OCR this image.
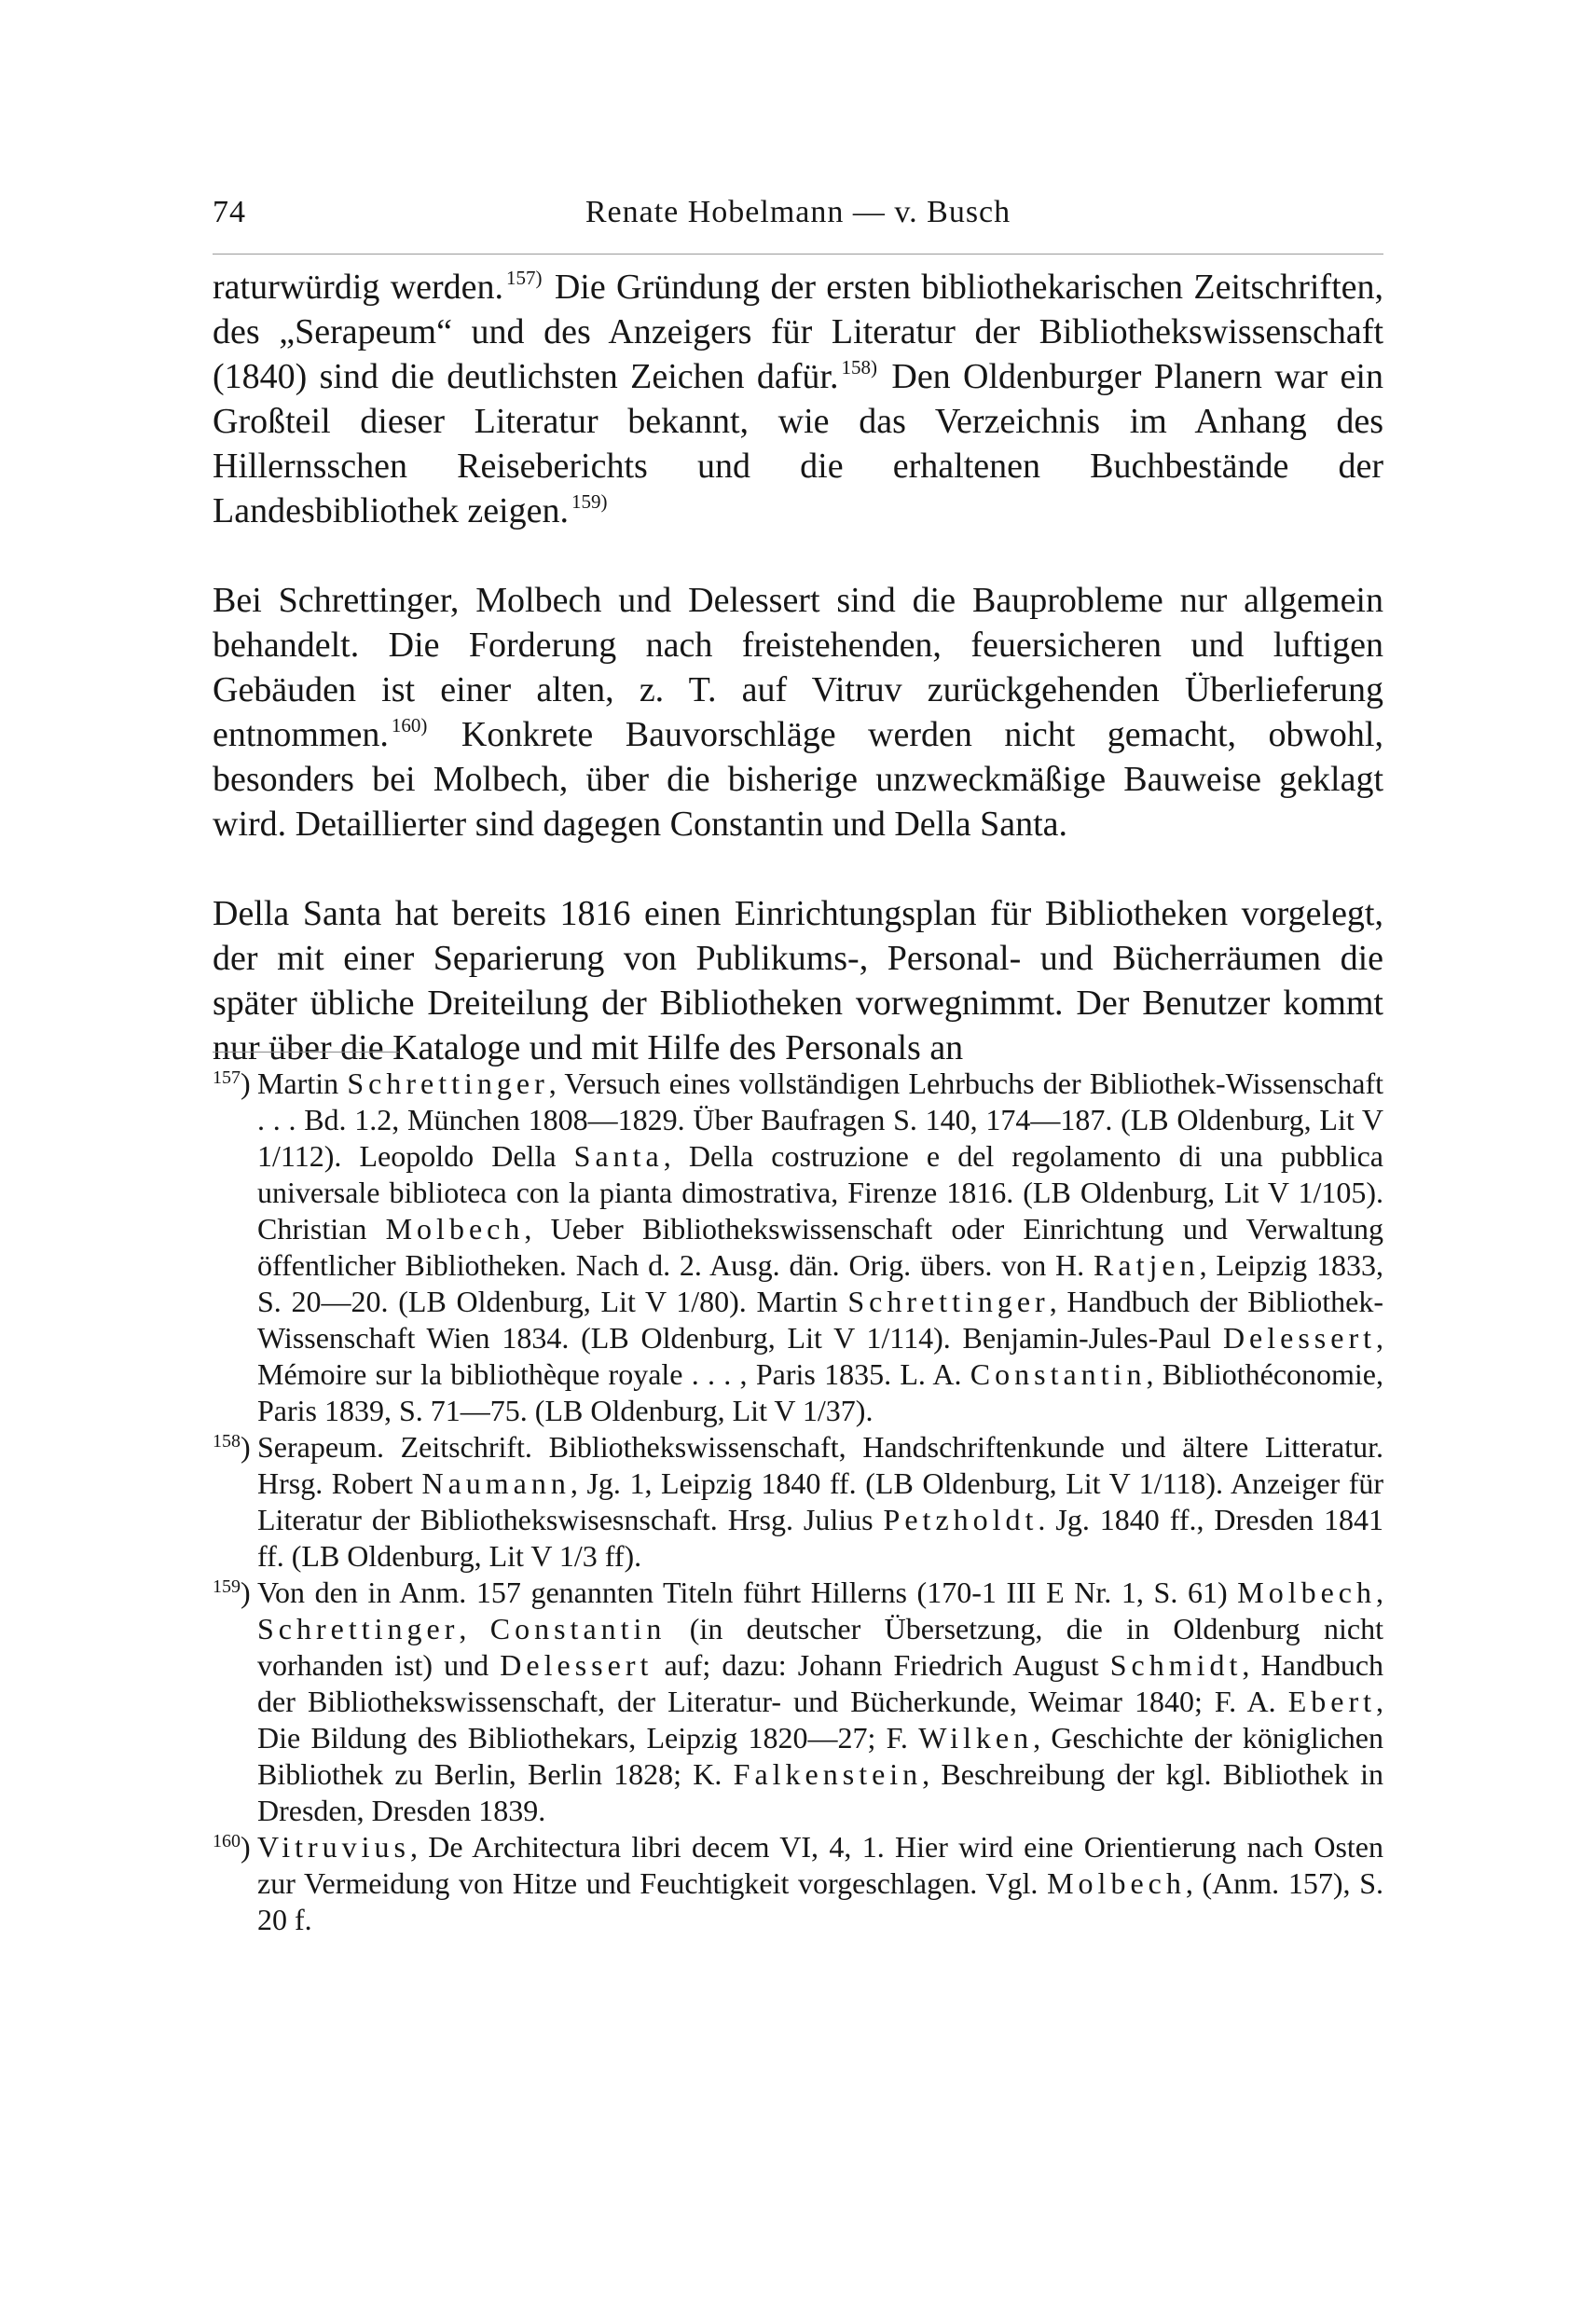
74	Renate Hobelmann — v. Busch

raturwürdig werden. $^{157)}$ Die Gründung der ersten bibliothekarischen Zeitschriften, des „Serapeum“ und des Anzeigers für Literatur der Bibliothekswissenschaft (1840) sind die deutlichsten Zeichen dafür. $^{158)}$ Den Oldenburger Planern war ein Großteil dieser Literatur bekannt, wie das Verzeichnis im Anhang des Hillernsschen Reiseberichts und die erhaltenen Buchbestände der Landesbibliothek zeigen. $^{159)}$

Bei Schrettinger, Molbech und Delessert sind die Bauprobleme nur allgemein behandelt. Die Forderung nach freistehenden, feuersicheren und luftigen Gebäuden ist einer alten, z. T. auf Vitruv zurückgehenden Überlieferung entnommen. $^{160)}$ Konkrete Bauvorschläge werden nicht gemacht, obwohl, besonders bei Molbech, über die bisherige unzweckmäßige Bauweise geklagt wird. Detaillierter sind dagegen Constantin und Della Santa.

Della Santa hat bereits 1816 einen Einrichtungsplan für Bibliotheken vorgelegt, der mit einer Separierung von Publikums-, Personal- und Bücherräumen die später übliche Dreiteilung der Bibliotheken vorwegnimmt. Der Benutzer kommt nur über die Kataloge und mit Hilfe des Personals an

$^{157}$) Martin Schrettinger, Versuch eines vollständigen Lehrbuchs der Bibliothek-Wissenschaft . . . Bd. 1.2, München 1808—1829. Über Baufragen S. 140, 174—187. (LB Oldenburg, Lit V 1/112). Leopoldo Della Santa, Della costruzione e del regolamento di una pubblica universale biblioteca con la pianta dimostrativa, Firenze 1816. (LB Oldenburg, Lit V 1/105). Christian Molbech, Ueber Bibliothekswissenschaft oder Einrichtung und Verwaltung öffentlicher Bibliotheken. Nach d. 2. Ausg. dän. Orig. übers. von H. Ratjen, Leipzig 1833, S. 20—20. (LB Oldenburg, Lit V 1/80). Martin Schrettinger, Handbuch der Bibliothek-Wissenschaft Wien 1834. (LB Oldenburg, Lit V 1/114). Benjamin-Jules-Paul Delessert, Mémoire sur la bibliothèque royale . . . , Paris 1835. L. A. Constantin, Bibliothéconomie, Paris 1839, S. 71—75. (LB Oldenburg, Lit V 1/37).

$^{158}$) Serapeum. Zeitschrift. Bibliothekswissenschaft, Handschriftenkunde und ältere Litteratur. Hrsg. Robert Naumann, Jg. 1, Leipzig 1840 ff. (LB Oldenburg, Lit V 1/118). Anzeiger für Literatur der Bibliothekswisesnschaft. Hrsg. Julius Petzholdt. Jg. 1840 ff., Dresden 1841 ff. (LB Oldenburg, Lit V 1/3 ff).

$^{159}$) Von den in Anm. 157 genannten Titeln führt Hillerns (170-1 III E Nr. 1, S. 61) Molbech, Schrettinger, Constantin (in deutscher Übersetzung, die in Oldenburg nicht vorhanden ist) und Delessert auf; dazu: Johann Friedrich August Schmidt, Handbuch der Bibliothekswissenschaft, der Literatur- und Bücherkunde, Weimar 1840; F. A. Ebert, Die Bildung des Bibliothekars, Leipzig 1820—27; F. Wilken, Geschichte der königlichen Bibliothek zu Berlin, Berlin 1828; K. Falkenstein, Beschreibung der kgl. Bibliothek in Dresden, Dresden 1839.

$^{160}$) Vitruvius, De Architectura libri decem VI, 4, 1. Hier wird eine Orientierung nach Osten zur Vermeidung von Hitze und Feuchtigkeit vorgeschlagen. Vgl. Molbech, (Anm. 157), S. 20 f.
